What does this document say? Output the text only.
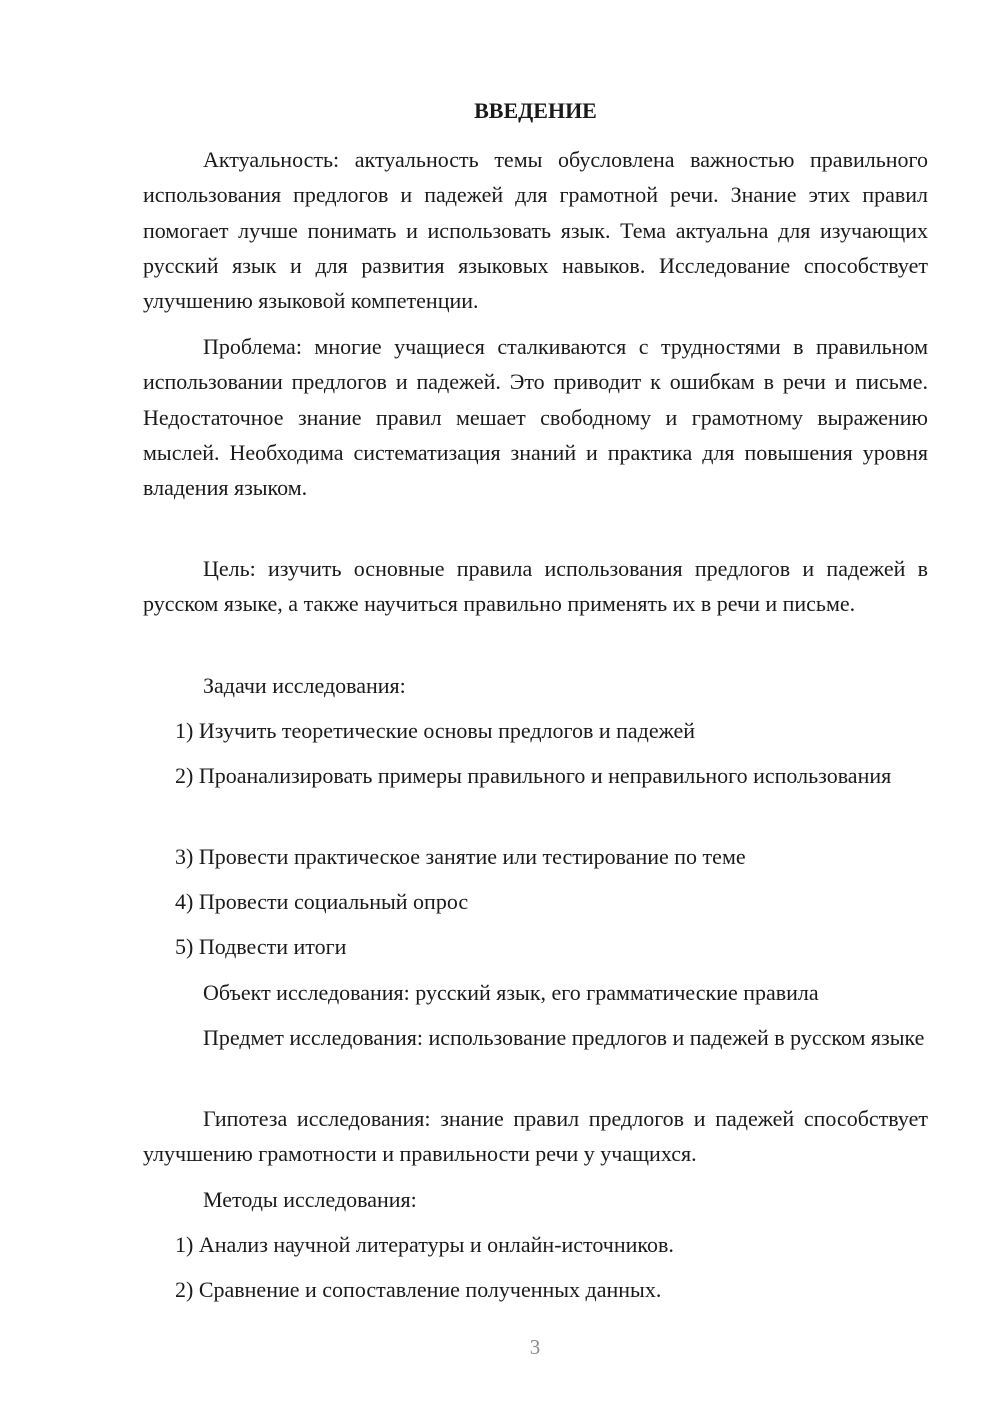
ВВЕДЕНИЕ

Актуальность: актуальность темы обусловлена важностью правильного использования предлогов и падежей для грамотной речи. Знание этих правил помогает лучше понимать и использовать язык. Тема актуальна для изучающих русский язык и для развития языковых навыков. Исследование способствует улучшению языковой компетенции.

Проблема: многие учащиеся сталкиваются с трудностями в правильном использовании предлогов и падежей. Это приводит к ошибкам в речи и письме. Недостаточное знание правил мешает свободному и грамотному выражению мыслей. Необходима систематизация знаний и практика для повышения уровня владения языком.

Цель: изучить основные правила использования предлогов и падежей в русском языке, а также научиться правильно применять их в речи и письме.

Задачи исследования:

1) Изучить теоретические основы предлогов и падежей

2) Проанализировать примеры правильного и неправильного использования

3) Провести практическое занятие или тестирование по теме

4) Провести социальный опрос

5) Подвести итоги

Объект исследования: русский язык, его грамматические правила

Предмет исследования: использование предлогов и падежей в русском языке

Гипотеза исследования: знание правил предлогов и падежей способствует улучшению грамотности и правильности речи у учащихся.

Методы исследования:

1) Анализ научной литературы и онлайн-источников.

2) Сравнение и сопоставление полученных данных.

3
